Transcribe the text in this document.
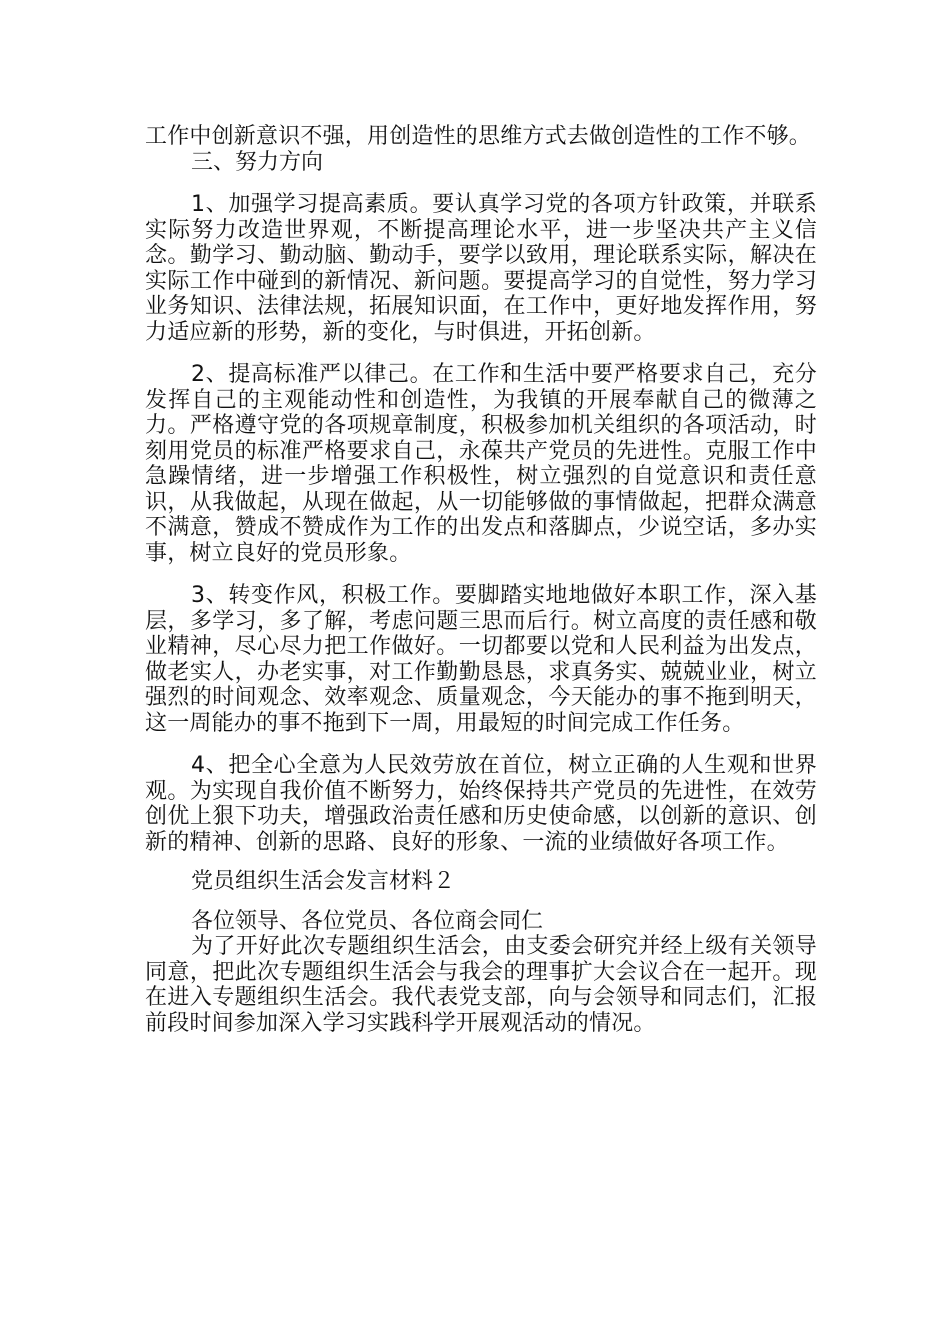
工作中创新意识不强，用创造性的思维方式去做创造性的工作不够。

三、努力方向

1、加强学习提高素质。要认真学习党的各项方针政策，并联系实际努力改造世界观，不断提高理论水平，进一步坚决共产主义信念。勤学习、勤动脑、勤动手，要学以致用，理论联系实际，解决在实际工作中碰到的新情况、新问题。要提高学习的自觉性，努力学习业务知识、法律法规，拓展知识面，在工作中，更好地发挥作用，努力适应新的形势，新的变化，与时俱进，开拓创新。

2、提高标准严以律己。在工作和生活中要严格要求自己，充分发挥自己的主观能动性和创造性，为我镇的开展奉献自己的微薄之力。严格遵守党的各项规章制度，积极参加机关组织的各项活动，时刻用党员的标准严格要求自己，永葆共产党员的先进性。克服工作中急躁情绪，进一步增强工作积极性，树立强烈的自觉意识和责任意识，从我做起，从现在做起，从一切能够做的事情做起，把群众满意不满意，赞成不赞成作为工作的出发点和落脚点，少说空话，多办实事，树立良好的党员形象。

3、转变作风，积极工作。要脚踏实地地做好本职工作，深入基层，多学习，多了解，考虑问题三思而后行。树立高度的责任感和敬业精神，尽心尽力把工作做好。一切都要以党和人民利益为出发点，做老实人，办老实事，对工作勤勤恳恳，求真务实、兢兢业业，树立强烈的时间观念、效率观念、质量观念，今天能办的事不拖到明天，这一周能办的事不拖到下一周，用最短的时间完成工作任务。

4、把全心全意为人民效劳放在首位，树立正确的人生观和世界观。为实现自我价值不断努力，始终保持共产党员的先进性，在效劳创优上狠下功夫，增强政治责任感和历史使命感，以创新的意识、创新的精神、创新的思路、良好的形象、一流的业绩做好各项工作。

党员组织生活会发言材料２

各位领导、各位党员、各位商会同仁

为了开好此次专题组织生活会，由支委会研究并经上级有关领导同意，把此次专题组织生活会与我会的理事扩大会议合在一起开。现在进入专题组织生活会。我代表党支部，向与会领导和同志们，汇报前段时间参加深入学习实践科学开展观活动的情况。
